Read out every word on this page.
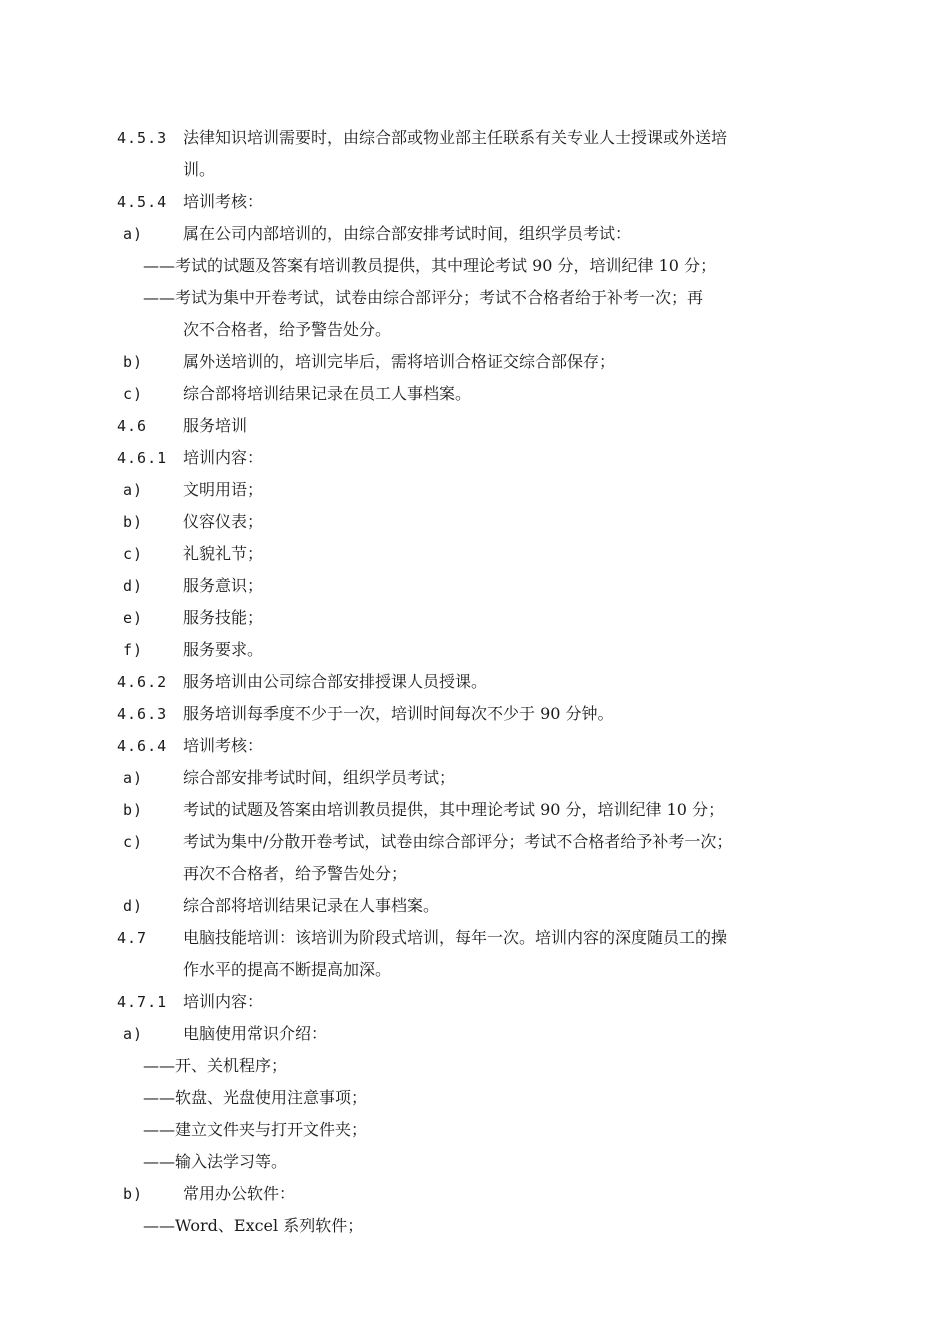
4.5.3 法律知识培训需要时，由综合部或物业部主任联系有关专业人士授课或外送培
训。
4.5.4 培训考核：
a) 属在公司内部培训的，由综合部安排考试时间，组织学员考试：
——考试的试题及答案有培训教员提供，其中理论考试 90 分，培训纪律 10 分；
——考试为集中开卷考试，试卷由综合部评分；考试不合格者给于补考一次；再
次不合格者，给予警告处分。
b) 属外送培训的，培训完毕后，需将培训合格证交综合部保存；
c) 综合部将培训结果记录在员工人事档案。
4.6 服务培训
4.6.1 培训内容：
a) 文明用语；
b) 仪容仪表；
c) 礼貌礼节；
d) 服务意识；
e) 服务技能；
f) 服务要求。
4.6.2 服务培训由公司综合部安排授课人员授课。
4.6.3 服务培训每季度不少于一次，培训时间每次不少于 90 分钟。
4.6.4 培训考核：
a) 综合部安排考试时间，组织学员考试；
b) 考试的试题及答案由培训教员提供，其中理论考试 90 分，培训纪律 10 分；
c) 考试为集中/分散开卷考试，试卷由综合部评分；考试不合格者给予补考一次；
再次不合格者，给予警告处分；
d) 综合部将培训结果记录在人事档案。
4.7 电脑技能培训：该培训为阶段式培训，每年一次。培训内容的深度随员工的操
作水平的提高不断提高加深。
4.7.1 培训内容：
a) 电脑使用常识介绍：
——开、关机程序；
——软盘、光盘使用注意事项；
——建立文件夹与打开文件夹；
——输入法学习等。
b) 常用办公软件：
——Word、Excel 系列软件；
